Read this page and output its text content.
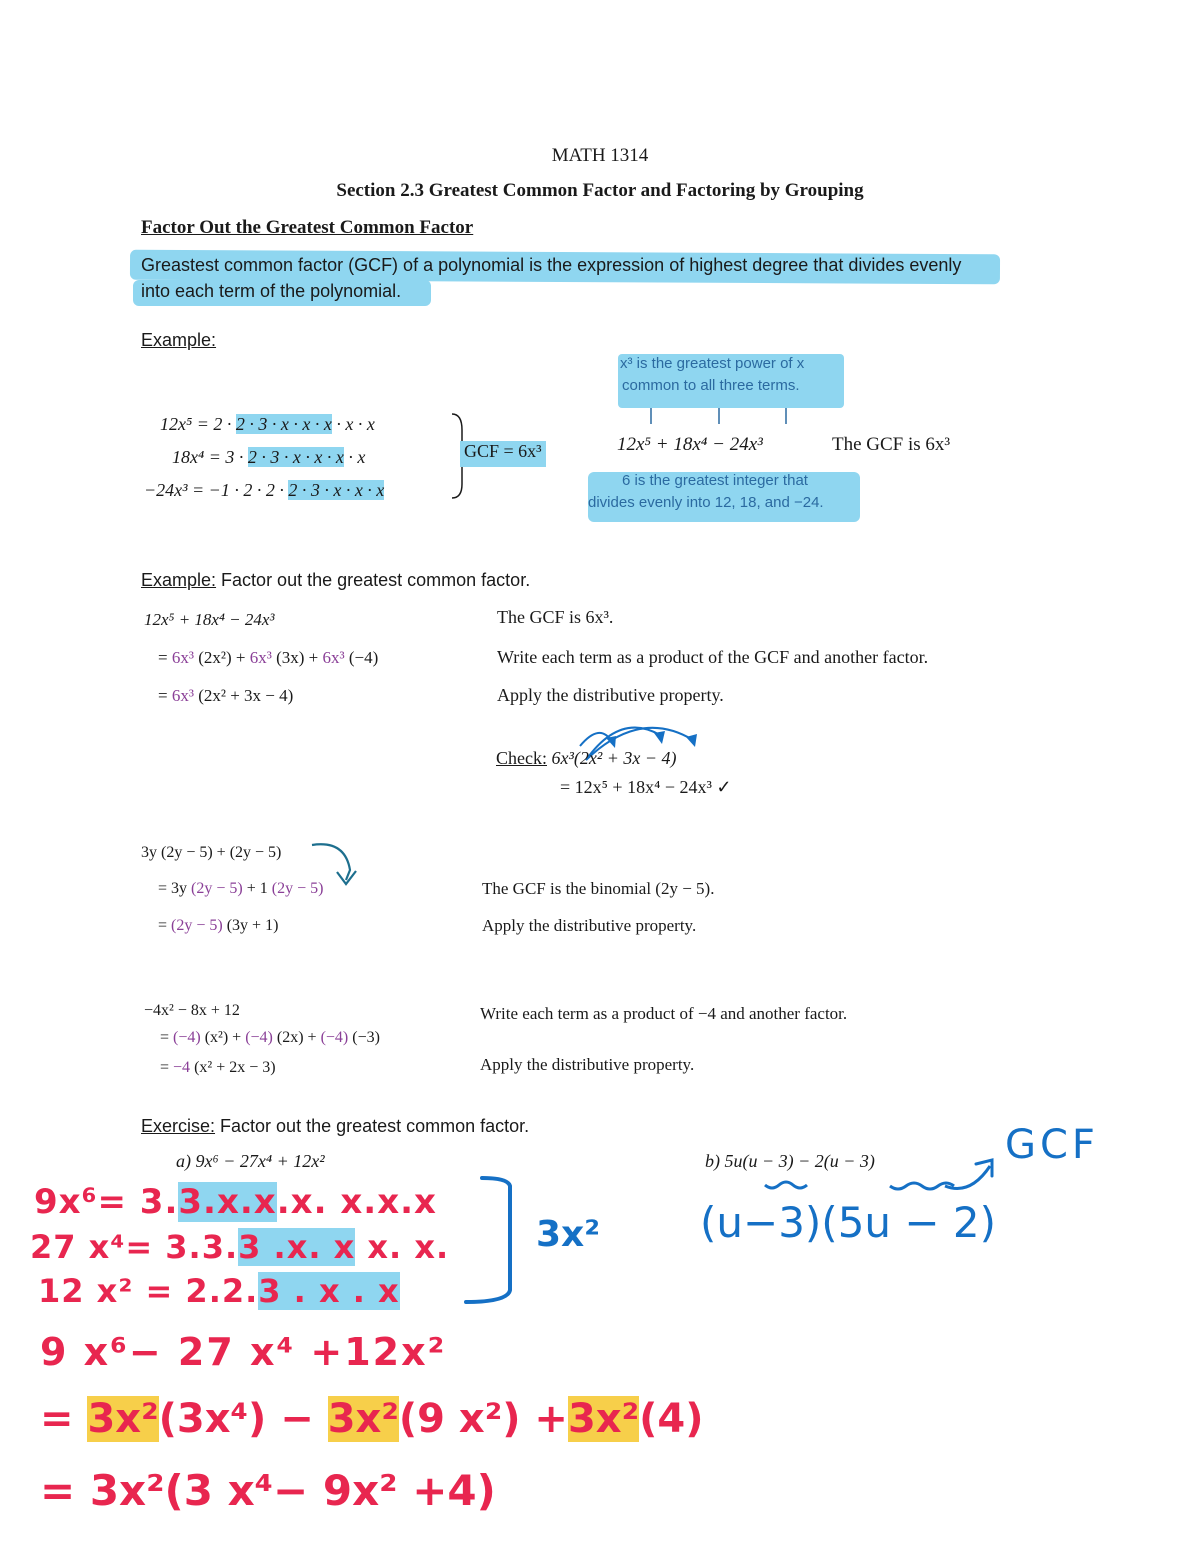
MATH 1314
Section 2.3 Greatest Common Factor and Factoring by Grouping
Factor Out the Greatest Common Factor
Greastest common factor (GCF) of a polynomial is the expression of highest degree that divides evenly
into each term of the polynomial.
Example:
12x⁵ = 2 · 2 · 3 · x · x · x · x · x
18x⁴ = 3 · 2 · 3 · x · x · x · x
−24x³ = −1 · 2 · 2 · 2 · 3 · x · x · x
GCF = 6x³
x³ is the greatest power of x
common to all three terms.
12x⁵ + 18x⁴ − 24x³	The GCF is 6x³
6 is the greatest integer that
divides evenly into 12, 18, and −24.
Example: Factor out the greatest common factor.
12x⁵ + 18x⁴ − 24x³
= 6x³ (2x²) + 6x³ (3x) + 6x³ (−4)
= 6x³ (2x² + 3x − 4)
The GCF is 6x³.
Write each term as a product of the GCF and another factor.
Apply the distributive property.
Check: 6x³(2x² + 3x − 4)
= 12x⁵ + 18x⁴ − 24x³ ✓
3y (2y − 5) + (2y − 5)
= 3y (2y − 5) + 1 (2y − 5)
= (2y − 5) (3y + 1)
The GCF is the binomial (2y − 5).
Apply the distributive property.
−4x² − 8x + 12
= (−4) (x²) + (−4) (2x) + (−4) (−3)
= −4 (x² + 2x − 3)
Write each term as a product of −4 and another factor.
Apply the distributive property.
Exercise: Factor out the greatest common factor.
a) 9x⁶ − 27x⁴ + 12x²	b) 5u(u − 3) − 2(u − 3)
9x⁶= 3.3.x.x.x. x.x.x
27 x⁴= 3.3.3 .x. x x. x.
12 x² = 2.2.3 . x . x
3x²
9 x⁶− 27 x⁴ +12x²
= 3x²(3x⁴) − 3x²(9 x²) +3x²(4)
= 3x²(3 x⁴− 9x² +4)
GCF
(u−3)(5u − 2)
